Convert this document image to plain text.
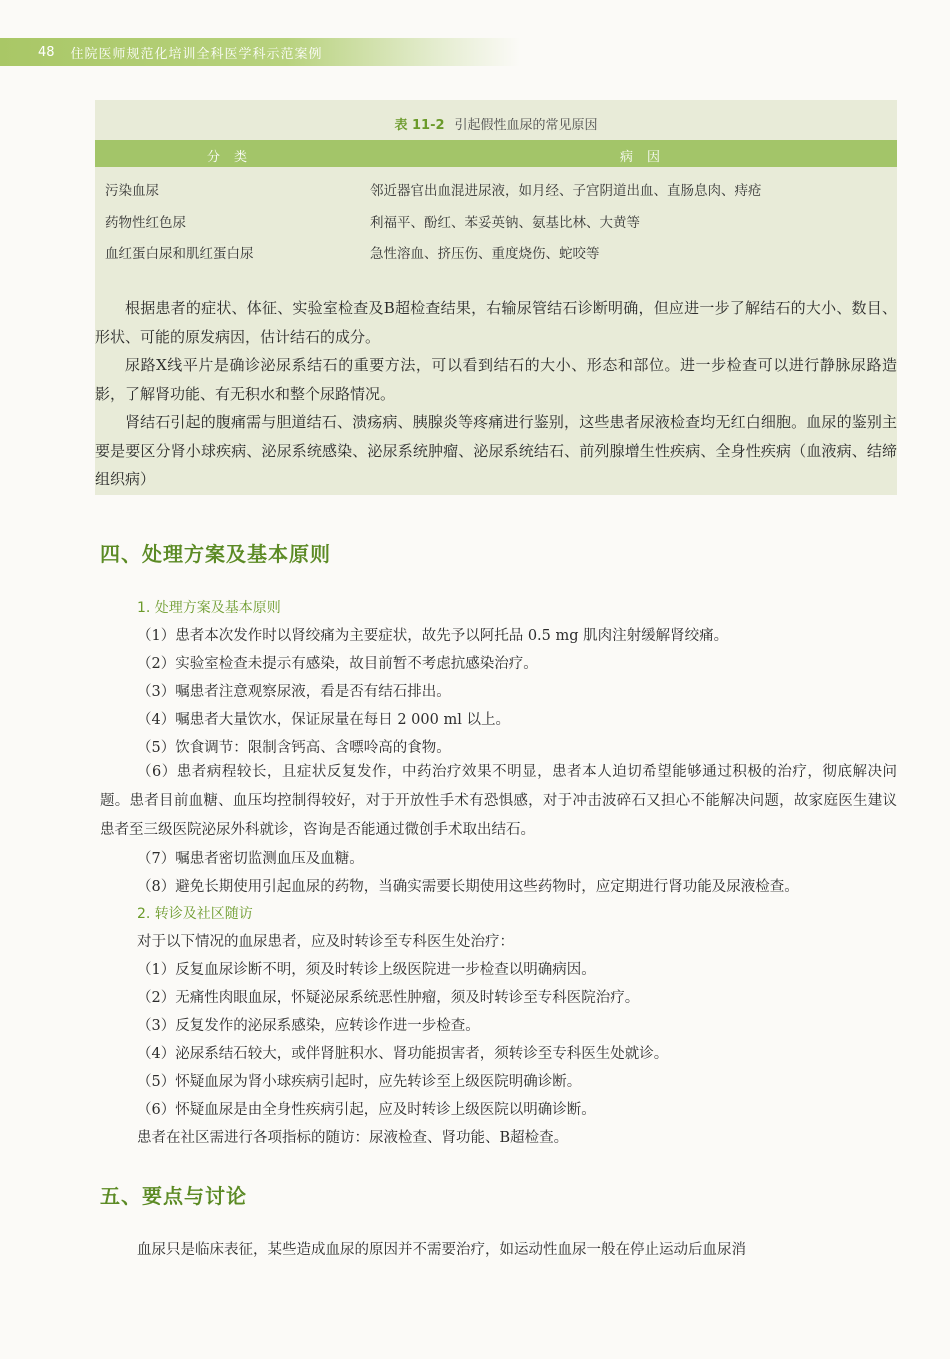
48 住院医师规范化培训全科医学科示范案例
表 11-2 引起假性血尿的常见原因
分类	病因
污染血尿	邻近器官出血混进尿液，如月经、子宫阴道出血、直肠息肉、痔疮
药物性红色尿	利福平、酚红、苯妥英钠、氨基比林、大黄等
血红蛋白尿和肌红蛋白尿	急性溶血、挤压伤、重度烧伤、蛇咬等

根据患者的症状、体征、实验室检查及B超检查结果，右输尿管结石诊断明确，但应进一步了解结石的大小、数目、形状、可能的原发病因，估计结石的成分。

尿路X线平片是确诊泌尿系结石的重要方法，可以看到结石的大小、形态和部位。进一步检查可以进行静脉尿路造影，了解肾功能、有无积水和整个尿路情况。

肾结石引起的腹痛需与胆道结石、溃疡病、胰腺炎等疼痛进行鉴别，这些患者尿液检查均无红白细胞。血尿的鉴别主要是要区分肾小球疾病、泌尿系统感染、泌尿系统肿瘤、泌尿系统结石、前列腺增生性疾病、全身性疾病（血液病、结缔组织病）

四、处理方案及基本原则
1. 处理方案及基本原则
（1）患者本次发作时以肾绞痛为主要症状，故先予以阿托品 0.5 mg 肌肉注射缓解肾绞痛。
（2）实验室检查未提示有感染，故目前暂不考虑抗感染治疗。
（3）嘱患者注意观察尿液，看是否有结石排出。
（4）嘱患者大量饮水，保证尿量在每日 2 000 ml 以上。
（5）饮食调节：限制含钙高、含嘌呤高的食物。

（6）患者病程较长，且症状反复发作，中药治疗效果不明显，患者本人迫切希望能够通过积极的治疗，彻底解决问题。患者目前血糖、血压均控制得较好，对于开放性手术有恐惧感，对于冲击波碎石又担心不能解决问题，故家庭医生建议患者至三级医院泌尿外科就诊，咨询是否能通过微创手术取出结石。

（7）嘱患者密切监测血压及血糖。
（8）避免长期使用引起血尿的药物，当确实需要长期使用这些药物时，应定期进行肾功能及尿液检查。
2. 转诊及社区随访
对于以下情况的血尿患者，应及时转诊至专科医生处治疗：
（1）反复血尿诊断不明，须及时转诊上级医院进一步检查以明确病因。
（2）无痛性肉眼血尿，怀疑泌尿系统恶性肿瘤，须及时转诊至专科医院治疗。
（3）反复发作的泌尿系感染，应转诊作进一步检查。
（4）泌尿系结石较大，或伴肾脏积水、肾功能损害者，须转诊至专科医生处就诊。
（5）怀疑血尿为肾小球疾病引起时，应先转诊至上级医院明确诊断。
（6）怀疑血尿是由全身性疾病引起，应及时转诊上级医院以明确诊断。
患者在社区需进行各项指标的随访：尿液检查、肾功能、B超检查。
五、要点与讨论
血尿只是临床表征，某些造成血尿的原因并不需要治疗，如运动性血尿一般在停止运动后血尿消
